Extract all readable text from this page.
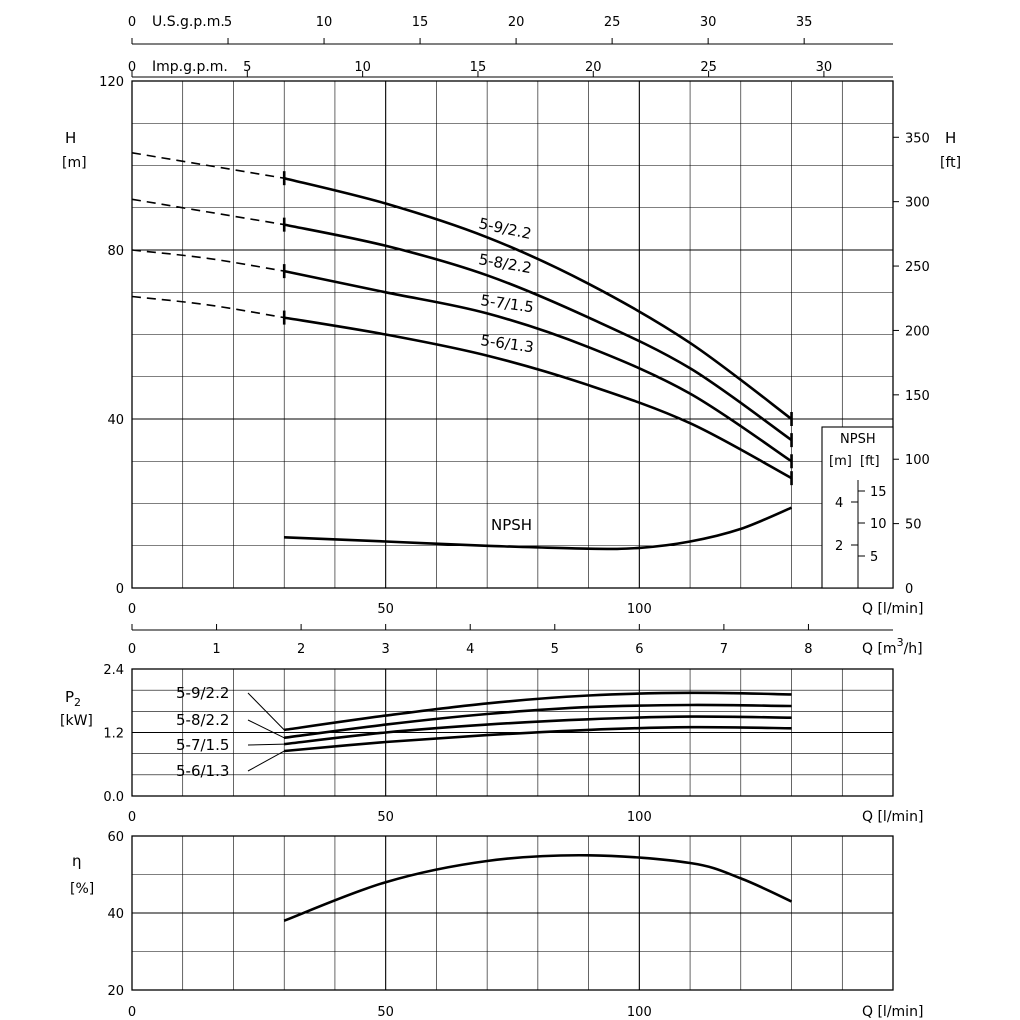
U.S.g.p.m.
Imp.g.p.m.
0	5	10	15	20	25	30	35
0	5	10	15	20	25	30
H
[m]
H
[ft]
0
40
80
120
50
100
150
200
250
300
350
0
0	50	100	Q [l/min]
5-9/2.2
5-8/2.2
5-7/1.5
5-6/1.3
NPSH
NPSH
[m] [ft]
4
2
15
10
5
0	1	2	3	4	5	6	7	8	Q $[m^3/h]$
$P_2$
[kW]
0.0
1.2
2.4
0	50	100	Q [l/min]
5-9/2.2
5-8/2.2
5-7/1.5
5-6/1.3
η
[%]
20
40
60
0	50	100	Q [l/min]
